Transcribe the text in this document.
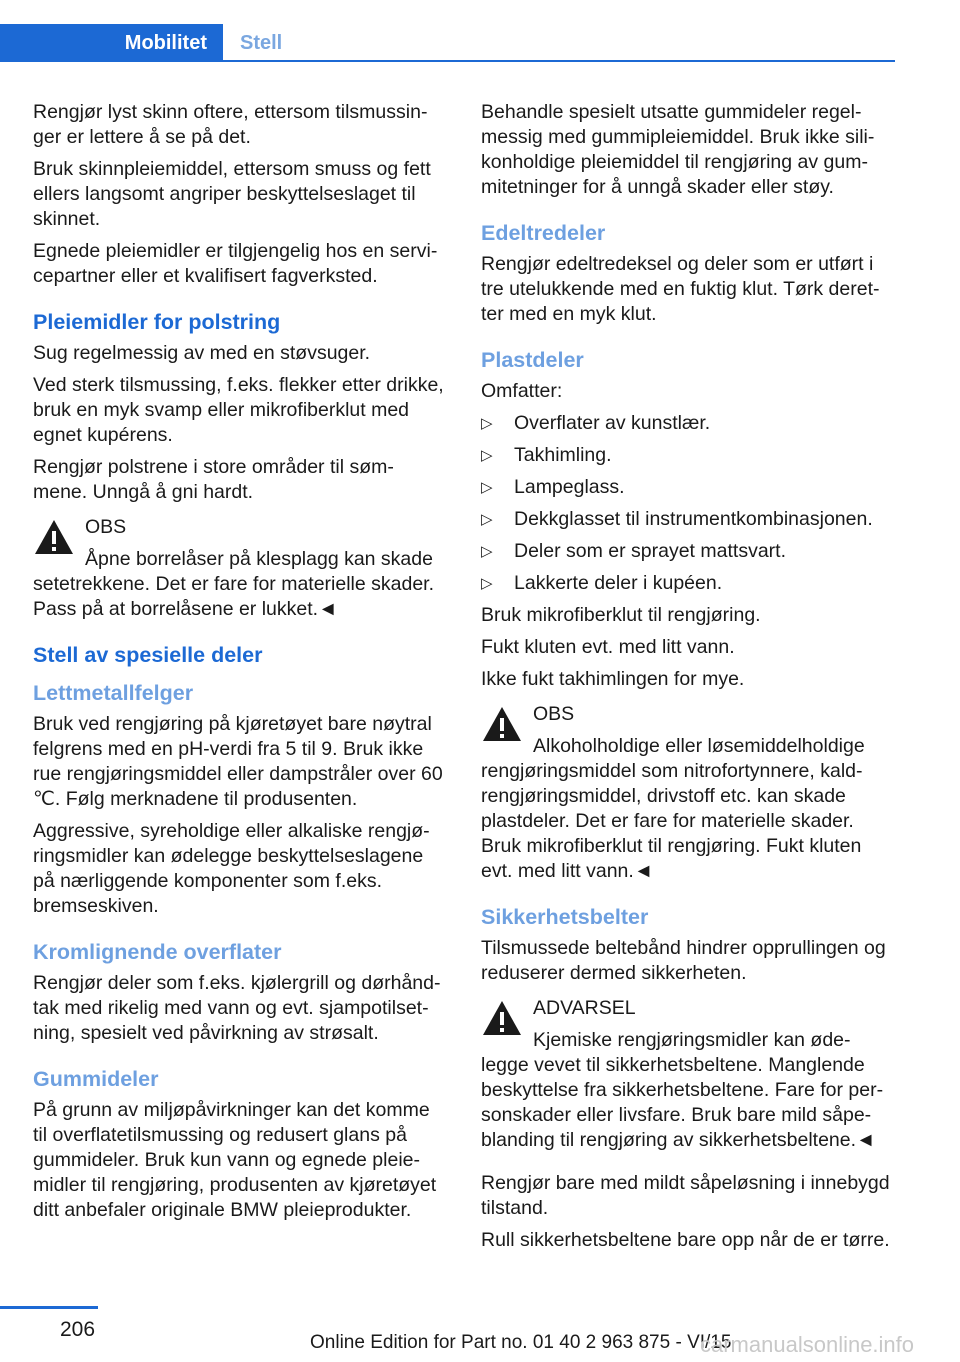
Mobilitet	Stell

Rengjør lyst skinn oftere, ettersom tilsmussin-ger er lettere å se på det.

Bruk skinnpleiemiddel, ettersom smuss og fett ellers langsomt angriper beskyttelseslaget til skinnet.

Egnede pleiemidler er tilgjengelig hos en servi-cepartner eller et kvalifisert fagverksted.

Pleiemidler for polstring

Sug regelmessig av med en støvsuger.

Ved sterk tilsmussing, f.eks. flekker etter drikke, bruk en myk svamp eller mikrofiberklut med egnet kupérens.

Rengjør polstrene i store områder til søm-mene. Unngå å gni hardt.

OBS
Åpne borrelåser på klesplagg kan skade setetrekkene. Det er fare for materielle skader. Pass på at borrelåsene er lukket.◄
Stell av spesielle deler
Lettmetallfelger

Bruk ved rengjøring på kjøretøyet bare nøytral felgrens med en pH-verdi fra 5 til 9. Bruk ikke rue rengjøringsmiddel eller dampstråler over 60 ℃. Følg merknadene til produsenten.

Aggressive, syreholdige eller alkaliske rengjø-ringsmidler kan ødelegge beskyttelseslagene på nærliggende komponenter som f.eks. bremseskiven.

Kromlignende overflater

Rengjør deler som f.eks. kjølergrill og dørhånd-tak med rikelig med vann og evt. sjampotilset-ning, spesielt ved påvirkning av strøsalt.

Gummideler

På grunn av miljøpåvirkninger kan det komme til overflatetilsmussing og redusert glans på gummideler. Bruk kun vann og egnede pleie-midler til rengjøring, produsenten av kjøretøyet ditt anbefaler originale BMW pleieprodukter.

Behandle spesielt utsatte gummideler regel-messig med gummipleiemiddel. Bruk ikke sili-konholdige pleiemiddel til rengjøring av gum-mitetninger for å unngå skader eller støy.

Edeltredeler

Rengjør edeltredeksel og deler som er utført i tre utelukkende med en fuktig klut. Tørk deret-ter med en myk klut.

Plastdeler

Omfatter:

▷ Overflater av kunstlær.
▷ Takhimling.
▷ Lampeglass.
▷ Dekkglasset til instrumentkombinasjonen.
▷ Deler som er sprayet mattsvart.
▷ Lakkerte deler i kupéen.

Bruk mikrofiberklut til rengjøring.

Fukt kluten evt. med litt vann.

Ikke fukt takhimlingen for mye.

OBS
Alkoholholdige eller løsemiddelholdige rengjøringsmiddel som nitrofortynnere, kald-rengjøringsmiddel, drivstoff etc. kan skade plastdeler. Det er fare for materielle skader. Bruk mikrofiberklut til rengjøring. Fukt kluten evt. med litt vann.◄
Sikkerhetsbelter

Tilsmussede beltebånd hindrer opprullingen og reduserer dermed sikkerheten.

ADVARSEL
Kjemiske rengjøringsmidler kan øde-legge vevet til sikkerhetsbeltene. Manglende beskyttelse fra sikkerhetsbeltene. Fare for per-sonskader eller livsfare. Bruk bare mild såpe-blanding til rengjøring av sikkerhetsbeltene.◄

Rengjør bare med mildt såpeløsning i innebygd tilstand.

Rull sikkerhetsbeltene bare opp når de er tørre.

206
Online Edition for Part no. 01 40 2 963 875 - VI/15
carmanualsonline.info
